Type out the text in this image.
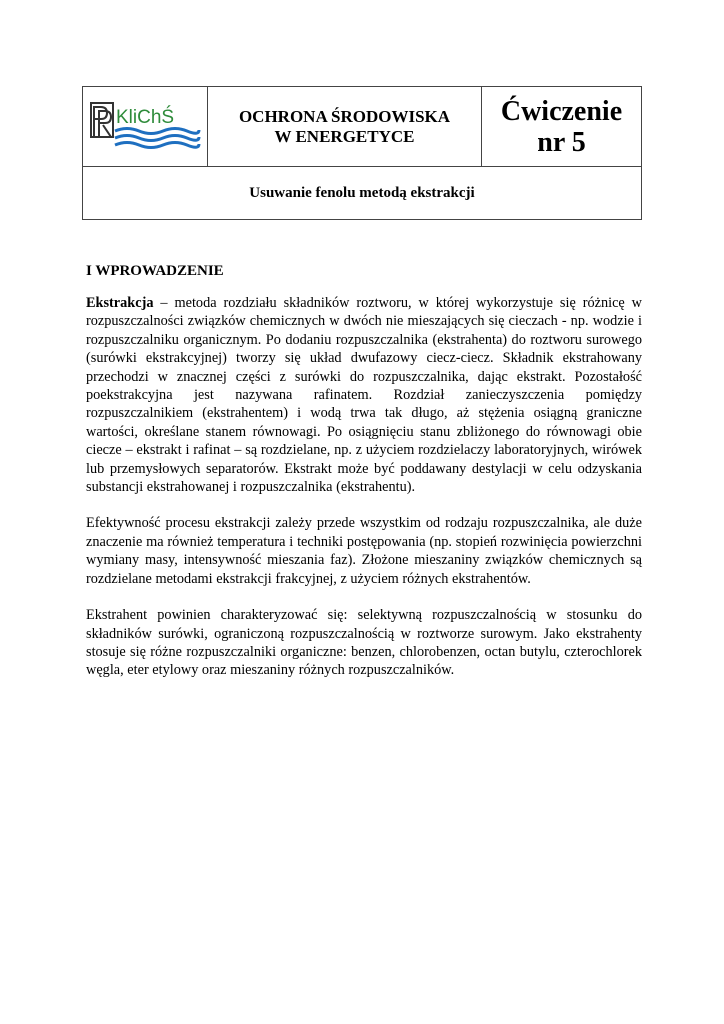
KliChŚ	OCHRONA ŚRODOWISKA
W ENERGETYCE
Ćwiczenie
nr 5
Usuwanie fenolu metodą ekstrakcji
I WPROWADZENIE

Ekstrakcja – metoda rozdziału składników roztworu, w której wykorzystuje się różnicę w rozpuszczalności związków chemicznych w dwóch nie mieszających się cieczach - np. wodzie i rozpuszczalniku organicznym. Po dodaniu rozpuszczalnika (ekstrahenta) do roztworu surowego (surówki ekstrakcyjnej) tworzy się układ dwufazowy ciecz-ciecz. Składnik ekstrahowany przechodzi w znacznej części z surówki do rozpuszczalnika, dając ekstrakt. Pozostałość poekstrakcyjna jest nazywana rafinatem. Rozdział zanieczyszczenia pomiędzy rozpuszczalnikiem (ekstrahentem) i wodą trwa tak długo, aż stężenia osiągną graniczne wartości, określane stanem równowagi. Po osiągnięciu stanu zbliżonego do równowagi obie ciecze – ekstrakt i rafinat – są rozdzielane, np. z użyciem rozdzielaczy laboratoryjnych, wirówek lub przemysłowych separatorów. Ekstrakt może być poddawany destylacji w celu odzyskania substancji ekstrahowanej i rozpuszczalnika (ekstrahentu).

Efektywność procesu ekstrakcji zależy przede wszystkim od rodzaju rozpuszczalnika, ale duże znaczenie ma również temperatura i techniki postępowania (np. stopień rozwinięcia powierzchni wymiany masy, intensywność mieszania faz). Złożone mieszaniny związków chemicznych są rozdzielane metodami ekstrakcji frakcyjnej, z użyciem różnych ekstrahentów.

Ekstrahent powinien charakteryzować się: selektywną rozpuszczalnością w stosunku do składników surówki, ograniczoną rozpuszczalnością w roztworze surowym. Jako ekstrahenty stosuje się różne rozpuszczalniki organiczne: benzen, chlorobenzen, octan butylu, czterochlorek węgla, eter etylowy oraz mieszaniny różnych rozpuszczalników.
